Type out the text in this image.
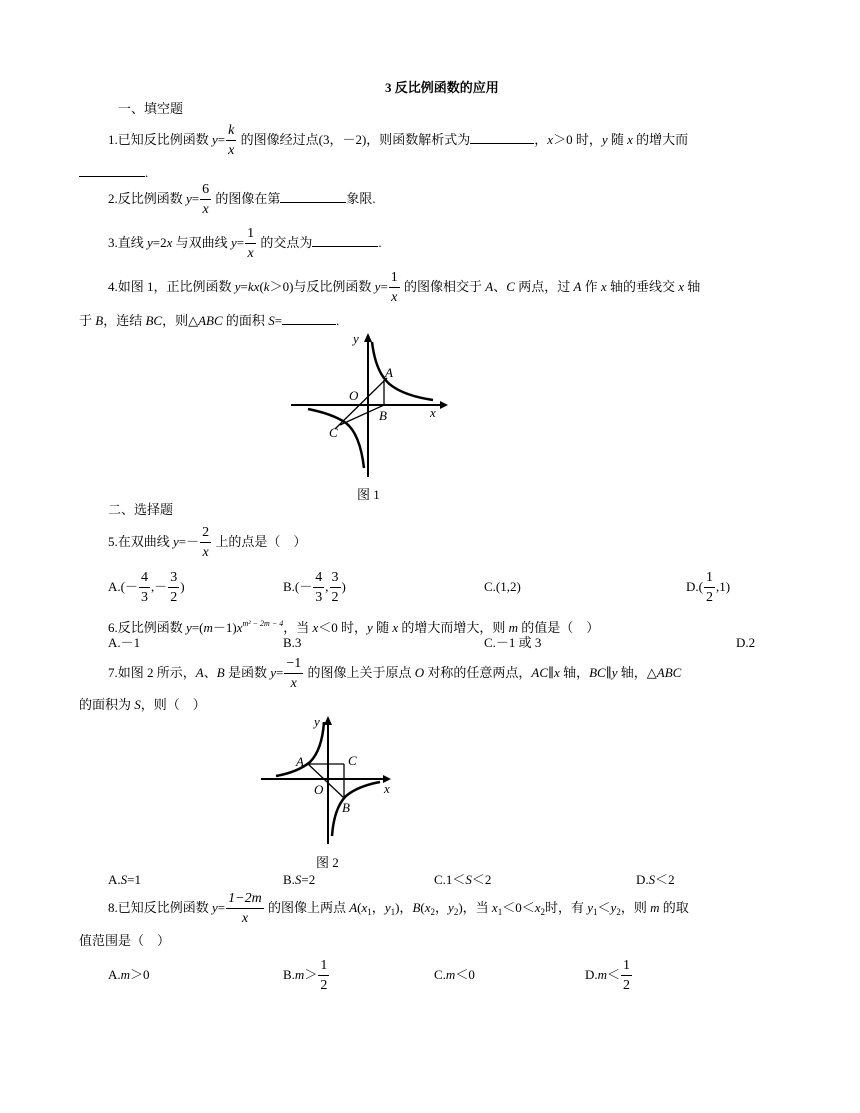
3 反比例函数的应用
一、填空题
1.已知反比例函数 $y= \frac{k}{x}$ 的图像经过点(3，－2)，则函数解析式为	，x＞0 时，y 随 x 的增大而
.
2.反比例函数 $y= \frac{6}{x}$ 的图像在第	象限.
3.直线 y=2x 与双曲线 $y= \frac{1}{x}$ 的交点为	.
4.如图 1，正比例函数 y=kx(k＞0)与反比例函数 $y= \frac{1}{x}$ 的图像相交于 A、C 两点，过 A 作 x 轴的垂线交 x 轴
于 B，连结 BC，则△ABC 的面积 S=	.
y
O
A
B
C
x
图 1
二、选择题
5.在双曲线 $y=- \frac{2}{x}$ 上的点是（　）
$A.(- \frac{4}{3}$ ,－ $\frac{3}{2}$ )	$B.(- \frac{4}{3}$ , $\frac{3}{2}$ )	C.(1,2)	$D.( \frac{1}{2} ,1)$
6.反比例函数 $y=(m-1)x^{m^2 - 2m - 4}$，当 x＜0 时，y 随 x 的增大而增大，则 m 的值是（　）
A.－1	B.3	C.－1 或 3	D.2
7.如图 2 所示，A、B 是函数 $y= \frac{-1}{x}$ 的图像上关于原点 O 对称的任意两点，AC∥x 轴，BC∥y 轴，△ABC
的面积为 S，则（　）
y
A	C
O
B
x
图 2
A.S=1	B.S=2	C.1＜S＜2	D.S＜2
8.已知反比例函数 $y= \frac{1-2m}{x}$ 的图像上两点 $A(x_1$，$y_1$)，$B(x_2$，$y_2$)，当 $x_1<0<x_2$时，有 $y_1<y_2$，则 m 的取
值范围是（　）
A.m＞0	$B.m> \frac{1}{2}$	C.m＜0	$D.m< \frac{1}{2}$
